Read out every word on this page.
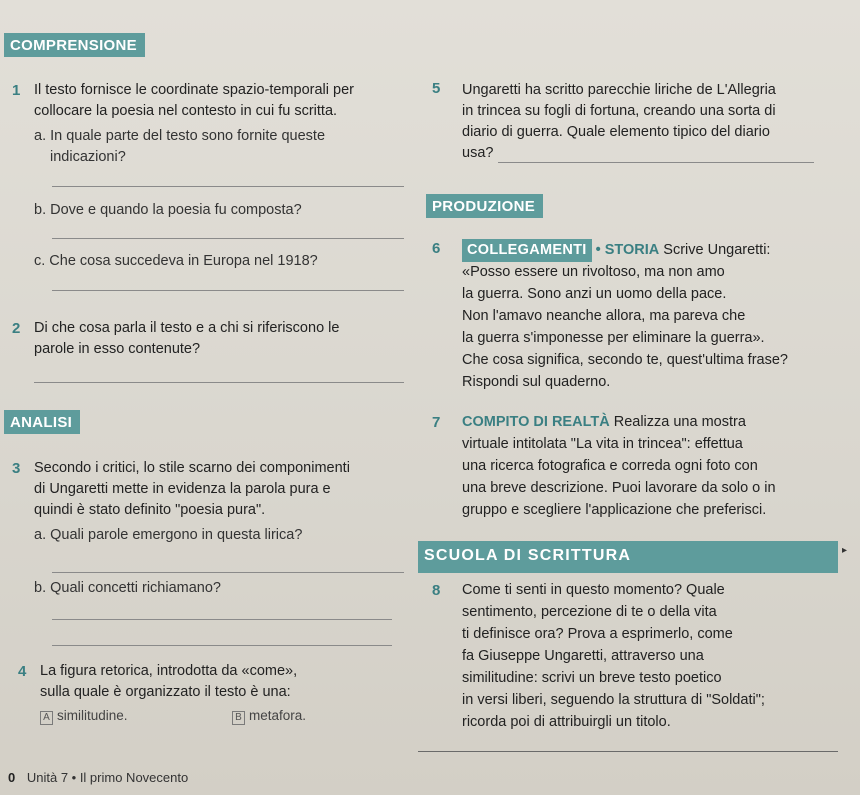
COMPRENSIONE
1 Il testo fornisce le coordinate spazio-temporali per
collocare la poesia nel contesto in cui fu scritta.
a. In quale parte del testo sono fornite queste
indicazioni?
b. Dove e quando la poesia fu composta?
c. Che cosa succedeva in Europa nel 1918?
2 Di che cosa parla il testo e a chi si riferiscono le
parole in esso contenute?
ANALISI
3 Secondo i critici, lo stile scarno dei componimenti
di Ungaretti mette in evidenza la parola pura e
quindi è stato definito "poesia pura".
a. Quali parole emergono in questa lirica?
b. Quali concetti richiamano?
4 La figura retorica, introdotta da «come»,
sulla quale è organizzato il testo è una:
A similitudine.	B metafora.
5 Ungaretti ha scritto parecchie liriche de L'Allegria
in trincea su fogli di fortuna, creando una sorta di
diario di guerra. Quale elemento tipico del diario
usa?
PRODUZIONE
6	COLLEGAMENTI • STORIA Scrive Ungaretti:
«Posso essere un rivoltoso, ma non amo
la guerra. Sono anzi un uomo della pace.
Non l'amavo neanche allora, ma pareva che
la guerra s'imponesse per eliminare la guerra».
Che cosa significa, secondo te, quest'ultima frase?
Rispondi sul quaderno.
7 COMPITO DI REALTÀ Realizza una mostra
virtuale intitolata "La vita in trincea": effettua
una ricerca fotografica e correda ogni foto con
una breve descrizione. Puoi lavorare da solo o in
gruppo e scegliere l'applicazione che preferisci.
SCUOLA DI SCRITTURA	▸
8 Come ti senti in questo momento? Quale
sentimento, percezione di te o della vita
ti definisce ora? Prova a esprimerlo, come
fa Giuseppe Ungaretti, attraverso una
similitudine: scrivi un breve testo poetico
in versi liberi, seguendo la struttura di "Soldati";
ricorda poi di attribuirgli un titolo.
0 Unità 7 • Il primo Novecento
